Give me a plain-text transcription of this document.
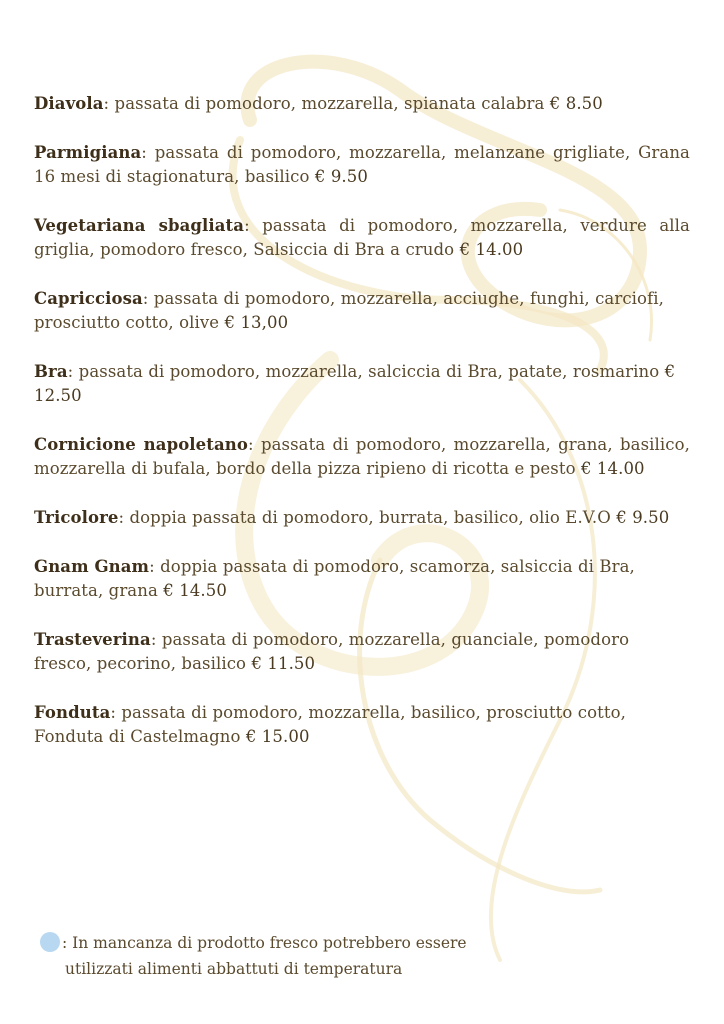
Diavola: passata di pomodoro, mozzarella, spianata calabra € 8.50
Parmigiana: passata di pomodoro, mozzarella, melanzane grigliate, Grana 16 mesi di stagionatura, basilico € 9.50
Vegetariana sbagliata: passata di pomodoro, mozzarella, verdure alla griglia, pomodoro fresco, Salsiccia di Bra a crudo € 14.00
Capricciosa: passata di pomodoro, mozzarella, acciughe, funghi, carciofi, prosciutto cotto, olive € 13,00
Bra: passata di pomodoro, mozzarella, salciccia di Bra, patate, rosmarino € 12.50
Cornicione napoletano: passata di pomodoro, mozzarella, grana, basilico, mozzarella di bufala, bordo della pizza ripieno di ricotta e pesto € 14.00
Tricolore: doppia passata di pomodoro, burrata, basilico, olio E.V.O € 9.50
Gnam Gnam: doppia passata di pomodoro, scamorza, salsiccia di Bra, burrata, grana € 14.50
Trasteverina: passata di pomodoro, mozzarella, guanciale, pomodoro fresco, pecorino, basilico € 11.50
Fonduta: passata di pomodoro, mozzarella, basilico, prosciutto cotto, Fonduta di Castelmagno € 15.00
: In mancanza di prodotto fresco potrebbero essere
utilizzati alimenti abbattuti di temperatura
